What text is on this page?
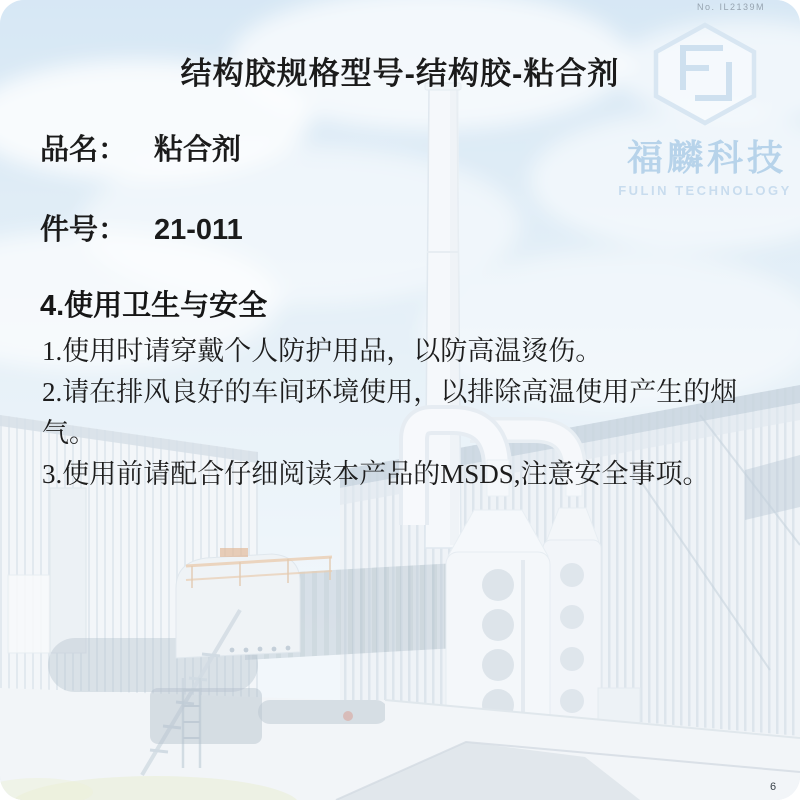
No. IL2139M
福麟科技
FULIN TECHNOLOGY
结构胶规格型号-结构胶-粘合剂
品名： 粘合剂
件号： 21-011
4.使用卫生与安全

1.使用时请穿戴个人防护用品，以防高温烫伤。

2.请在排风良好的车间环境使用，以排除高温使用产生的烟气。

3.使用前请配合仔细阅读本产品的MSDS,注意安全事项。

6
